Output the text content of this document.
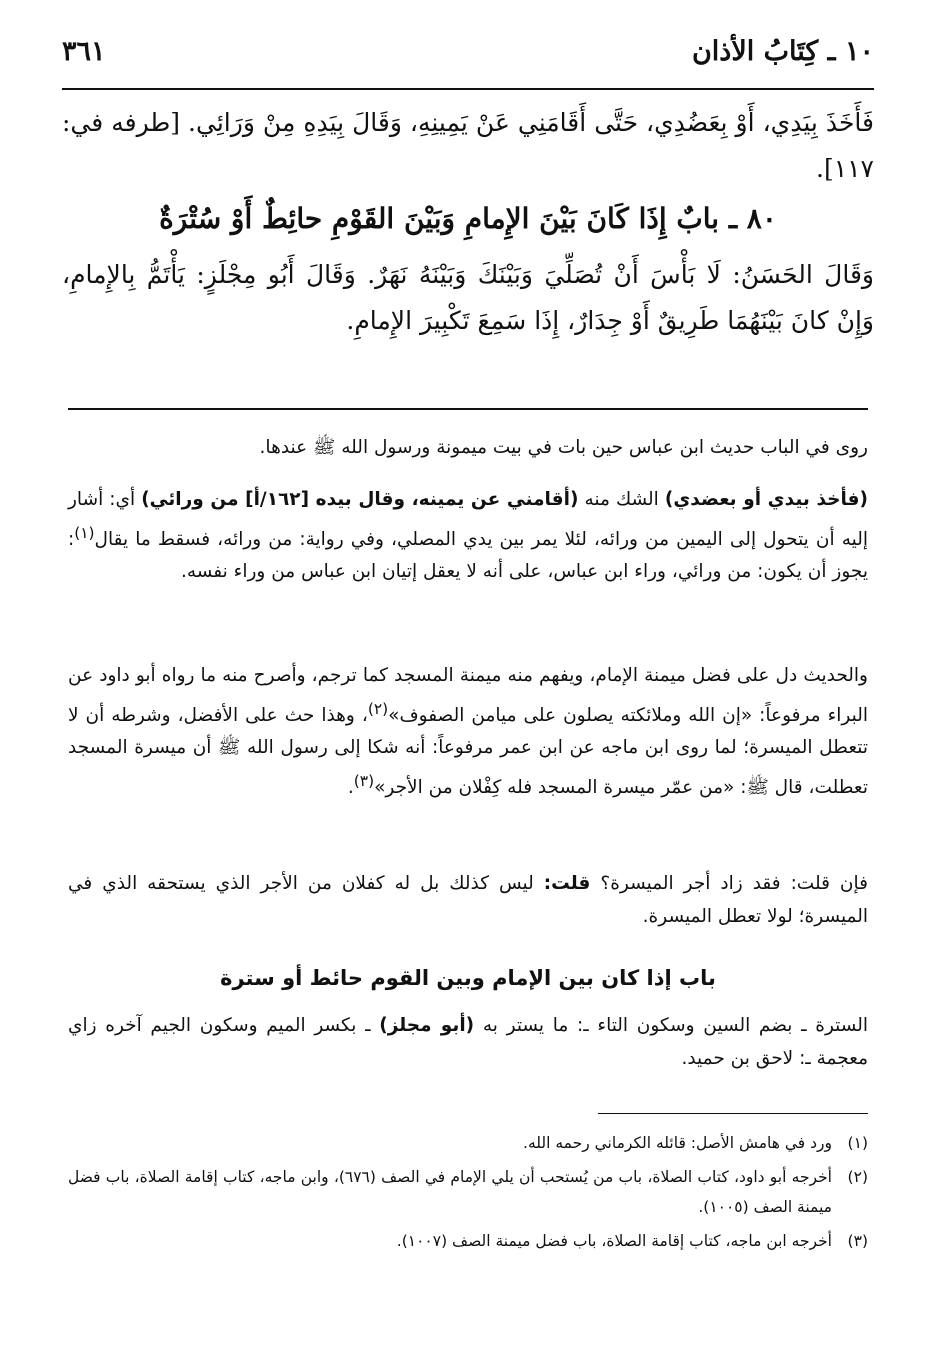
١٠ ـ كِتَابُ الأذان
٣٦١
فَأَخَذَ بِيَدِي، أَوْ بِعَضُدِي، حَتَّى أَقَامَنِي عَنْ يَمِينِهِ، وَقَالَ بِيَدِهِ مِنْ وَرَائِي. [طرفه في: ١١٧].
٨٠ ـ بابٌ إِذَا كَانَ بَيْنَ الإِمامِ وَبَيْنَ القَوْمِ حائِطٌ أَوْ سُتْرَةٌ
وَقَالَ الحَسَنُ: لَا بَأْسَ أَنْ تُصَلِّيَ وَبَيْنَكَ وَبَيْنَهُ نَهَرٌ. وَقَالَ أَبُو مِجْلَزٍ: يَأْتَمُّ بِالإِمامِ، وَإِنْ كانَ بَيْنَهُمَا طَرِيقٌ أَوْ جِدَارٌ، إِذَا سَمِعَ تَكْبِيرَ الإِمامِ.

روى في الباب حديث ابن عباس حين بات في بيت ميمونة ورسول الله ﷺ عندها.

(فأخذ بيدي أو بعضدي) الشك منه (أقامني عن يمينه، وقال بيده [١٦٢/أ] من ورائي) أي: أشار إليه أن يتحول إلى اليمين من ورائه، لئلا يمر بين يدي المصلي، وفي رواية: من ورائه، فسقط ما يقال$^{(١)}$: يجوز أن يكون: من ورائي، وراء ابن عباس، على أنه لا يعقل إتيان ابن عباس من وراء نفسه.

والحديث دل على فضل ميمنة الإمام، ويفهم منه ميمنة المسجد كما ترجم، وأصرح منه ما رواه أبو داود عن البراء مرفوعاً: «إن الله وملائكته يصلون على ميامن الصفوف»$^{(٢)}$، وهذا حث على الأفضل، وشرطه أن لا تتعطل الميسرة؛ لما روى ابن ماجه عن ابن عمر مرفوعاً: أنه شكا إلى رسول الله ﷺ أن ميسرة المسجد تعطلت، قال ﷺ: «من عمّر ميسرة المسجد فله كِفْلان من الأجر»$^{(٣)}$.

فإن قلت: فقد زاد أجر الميسرة؟ قلت: ليس كذلك بل له كفلان من الأجر الذي يستحقه الذي في الميسرة؛ لولا تعطل الميسرة.

باب إذا كان بين الإمام وبين القوم حائط أو سترة

السترة ـ بضم السين وسكون التاء ـ: ما يستر به (أبو مجلز) ـ بكسر الميم وسكون الجيم آخره زاي معجمة ـ: لاحق بن حميد.

(١)
ورد في هامش الأصل: قائله الكرماني رحمه الله.
(٢)
أخرجه أبو داود، كتاب الصلاة، باب من يُستحب أن يلي الإمام في الصف (٦٧٦)، وابن ماجه، كتاب إقامة الصلاة، باب فضل ميمنة الصف (١٠٠٥).
(٣)
أخرجه ابن ماجه، كتاب إقامة الصلاة، باب فضل ميمنة الصف (١٠٠٧).
